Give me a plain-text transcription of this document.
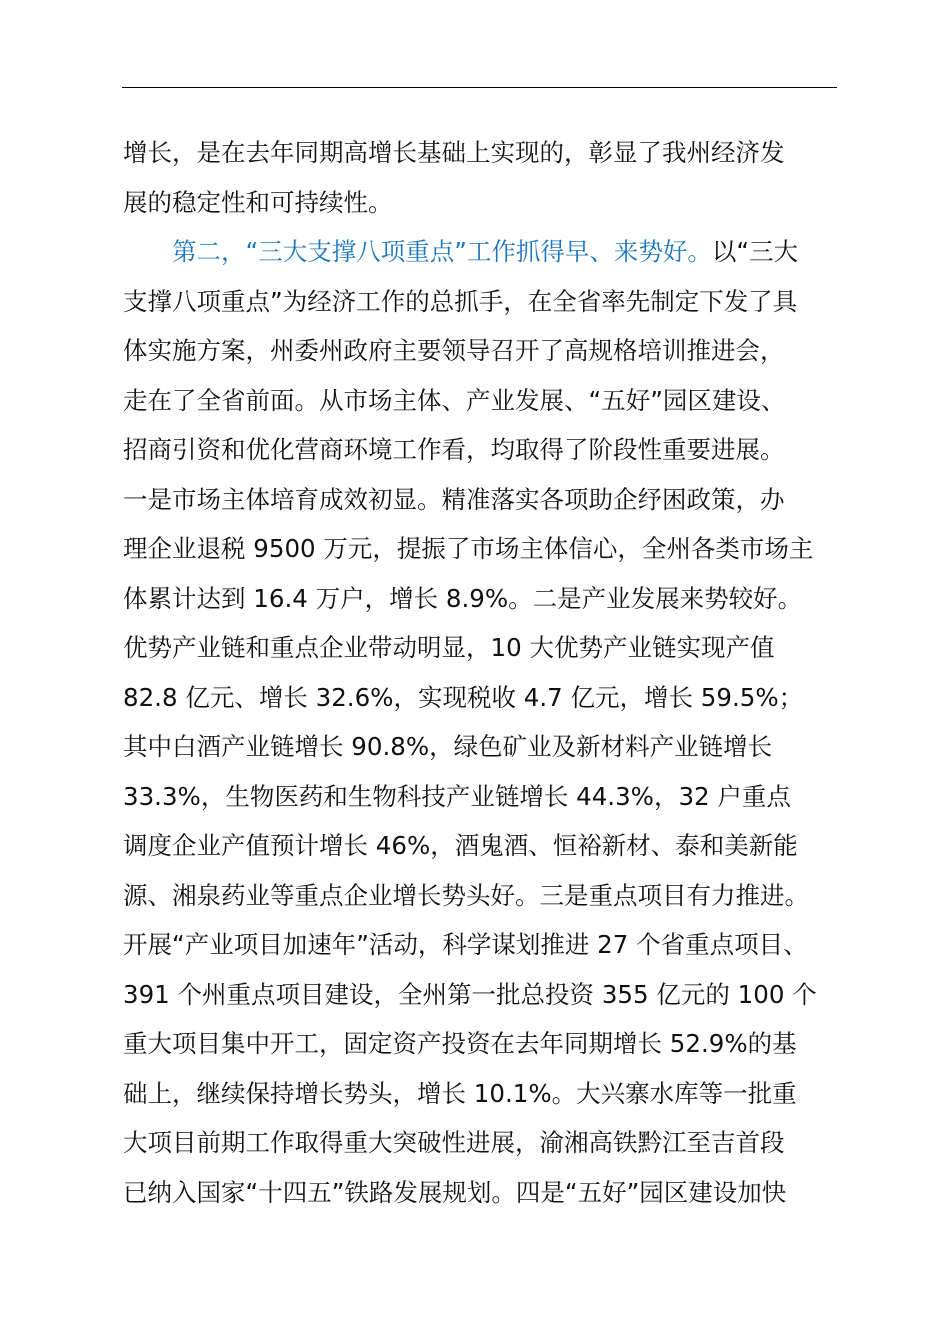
增长，是在去年同期高增长基础上实现的，彰显了我州经济发
展的稳定性和可持续性。
第二，“三大支撑八项重点”工作抓得早、来势好。以“三大
支撑八项重点”为经济工作的总抓手，在全省率先制定下发了具
体实施方案，州委州政府主要领导召开了高规格培训推进会，
走在了全省前面。从市场主体、产业发展、“五好”园区建设、
招商引资和优化营商环境工作看，均取得了阶段性重要进展。
一是市场主体培育成效初显。精准落实各项助企纾困政策，办
理企业退税 9500 万元，提振了市场主体信心，全州各类市场主
体累计达到 16.4 万户，增长 8.9%。二是产业发展来势较好。
优势产业链和重点企业带动明显，10 大优势产业链实现产值
82.8 亿元、增长 32.6%，实现税收 4.7 亿元，增长 59.5%；
其中白酒产业链增长 90.8%，绿色矿业及新材料产业链增长
33.3%，生物医药和生物科技产业链增长 44.3%，32 户重点
调度企业产值预计增长 46%，酒鬼酒、恒裕新材、泰和美新能
源、湘泉药业等重点企业增长势头好。三是重点项目有力推进。
开展“产业项目加速年”活动，科学谋划推进 27 个省重点项目、
391 个州重点项目建设，全州第一批总投资 355 亿元的 100 个
重大项目集中开工，固定资产投资在去年同期增长 52.9%的基
础上，继续保持增长势头，增长 10.1%。大兴寨水库等一批重
大项目前期工作取得重大突破性进展，渝湘高铁黔江至吉首段
已纳入国家“十四五”铁路发展规划。四是“五好”园区建设加快
